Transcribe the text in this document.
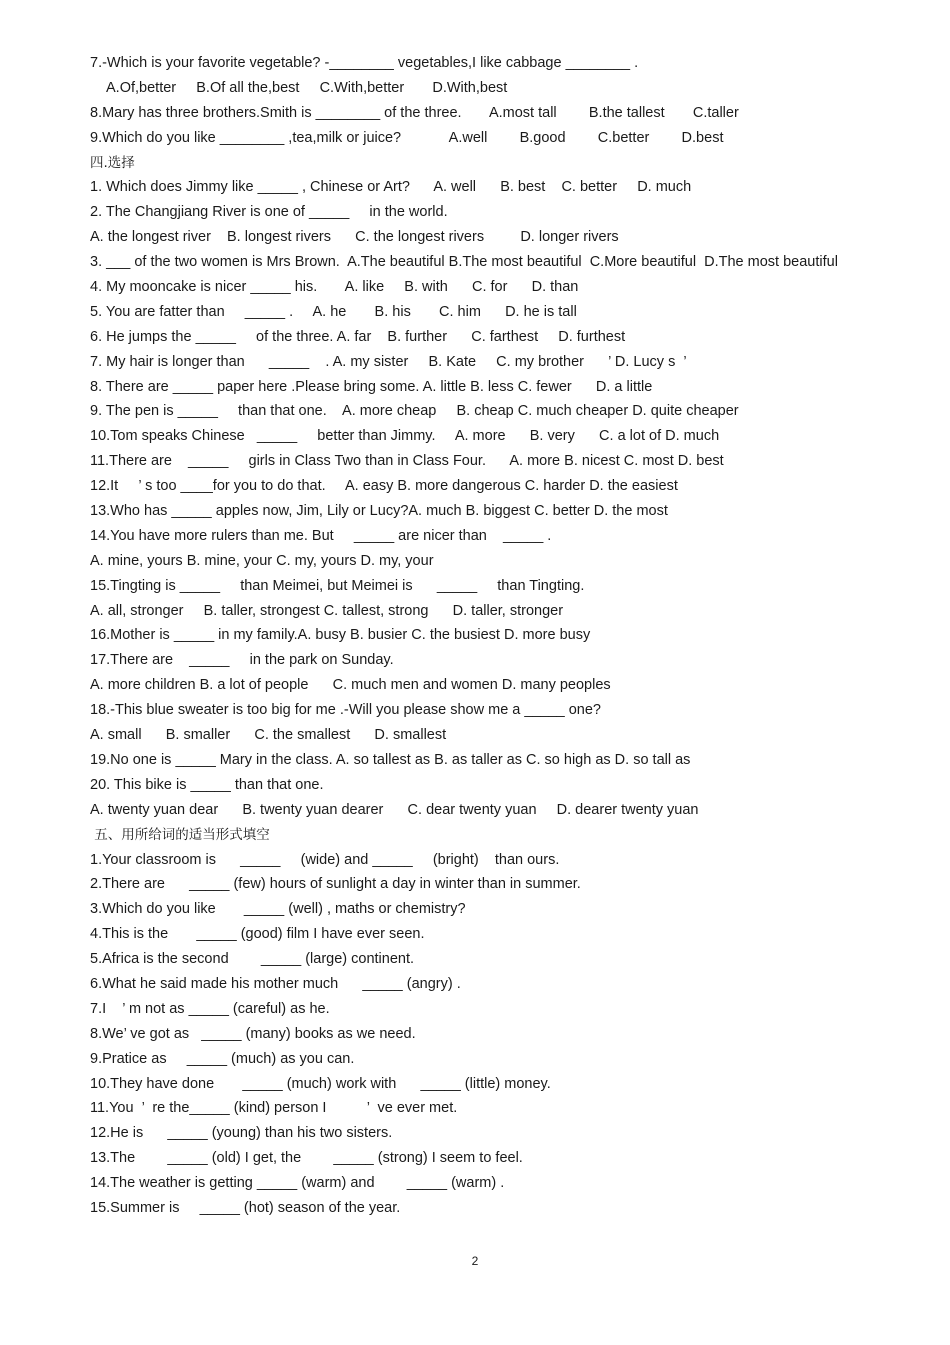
7.-Which is your favorite vegetable? -________ vegetables,I like cabbage ________ .
A.Of,better     B.Of all the,best     C.With,better       D.With,best
8.Mary has three brothers.Smith is ________ of the three.       A.most tall        B.the tallest       C.taller
9.Which do you like ________ ,tea,milk or juice?            A.well        B.good        C.better        D.best
四.选择
1. Which does Jimmy like _____ , Chinese or Art?      A. well      B. best    C. better     D. much
2. The Changjiang River is one of _____     in the world.
A. the longest river    B. longest rivers      C. the longest rivers         D. longer rivers
3. ___ of the two women is Mrs Brown.  A.The beautiful B.The most beautiful  C.More beautiful  D.The most beautiful
4. My mooncake is nicer _____ his.       A. like     B. with      C. for      D. than
5. You are fatter than     _____ .     A. he       B. his       C. him      D. he is tall
6. He jumps the _____     of the three. A. far    B. further      C. farthest     D. furthest
7. My hair is longer than      _____    . A. my sister     B. Kate     C. my brother      ’ D. Lucy s  ’
8. There are _____ paper here .Please bring some. A. little B. less C. fewer      D. a little
9. The pen is _____     than that one.    A. more cheap     B. cheap C. much cheaper D. quite cheaper
10.Tom speaks Chinese   _____     better than Jimmy.     A. more      B. very      C. a lot of D. much
11.There are    _____     girls in Class Two than in Class Four.      A. more B. nicest C. most D. best
12.It     ’ s too ____for you to do that.     A. easy B. more dangerous C. harder D. the easiest
13.Who has _____ apples now, Jim, Lily or Lucy?A. much B. biggest C. better D. the most
14.You have more rulers than me. But     _____ are nicer than    _____ .
A. mine, yours B. mine, your C. my, yours D. my, your
15.Tingting is _____     than Meimei, but Meimei is      _____     than Tingting.
A. all, stronger     B. taller, strongest C. tallest, strong      D. taller, stronger
16.Mother is _____ in my family.A. busy B. busier C. the busiest D. more busy
17.There are    _____     in the park on Sunday.
A. more children B. a lot of people      C. much men and women D. many peoples
18.-This blue sweater is too big for me .-Will you please show me a _____ one?
A. small      B. smaller      C. the smallest      D. smallest
19.No one is _____ Mary in the class. A. so tallest as B. as taller as C. so high as D. so tall as
20. This bike is _____ than that one.
A. twenty yuan dear      B. twenty yuan dearer      C. dear twenty yuan     D. dearer twenty yuan
五、用所给词的适当形式填空
1.Your classroom is      _____     (wide) and _____     (bright)    than ours.
2.There are      _____ (few) hours of sunlight a day in winter than in summer.
3.Which do you like       _____ (well) , maths or chemistry?
4.This is the       _____ (good) film I have ever seen.
5.Africa is the second        _____ (large) continent.
6.What he said made his mother much      _____ (angry) .
7.I    ’ m not as _____ (careful) as he.
8.We’ ve got as   _____ (many) books as we need.
9.Pratice as     _____ (much) as you can.
10.They have done       _____ (much) work with      _____ (little) money.
11.You  ’  re the_____ (kind) person I          ’  ve ever met.
12.He is      _____ (young) than his two sisters.
13.The        _____ (old) I get, the        _____ (strong) I seem to feel.
14.The weather is getting _____ (warm) and        _____ (warm) .
15.Summer is     _____ (hot) season of the year.
2
